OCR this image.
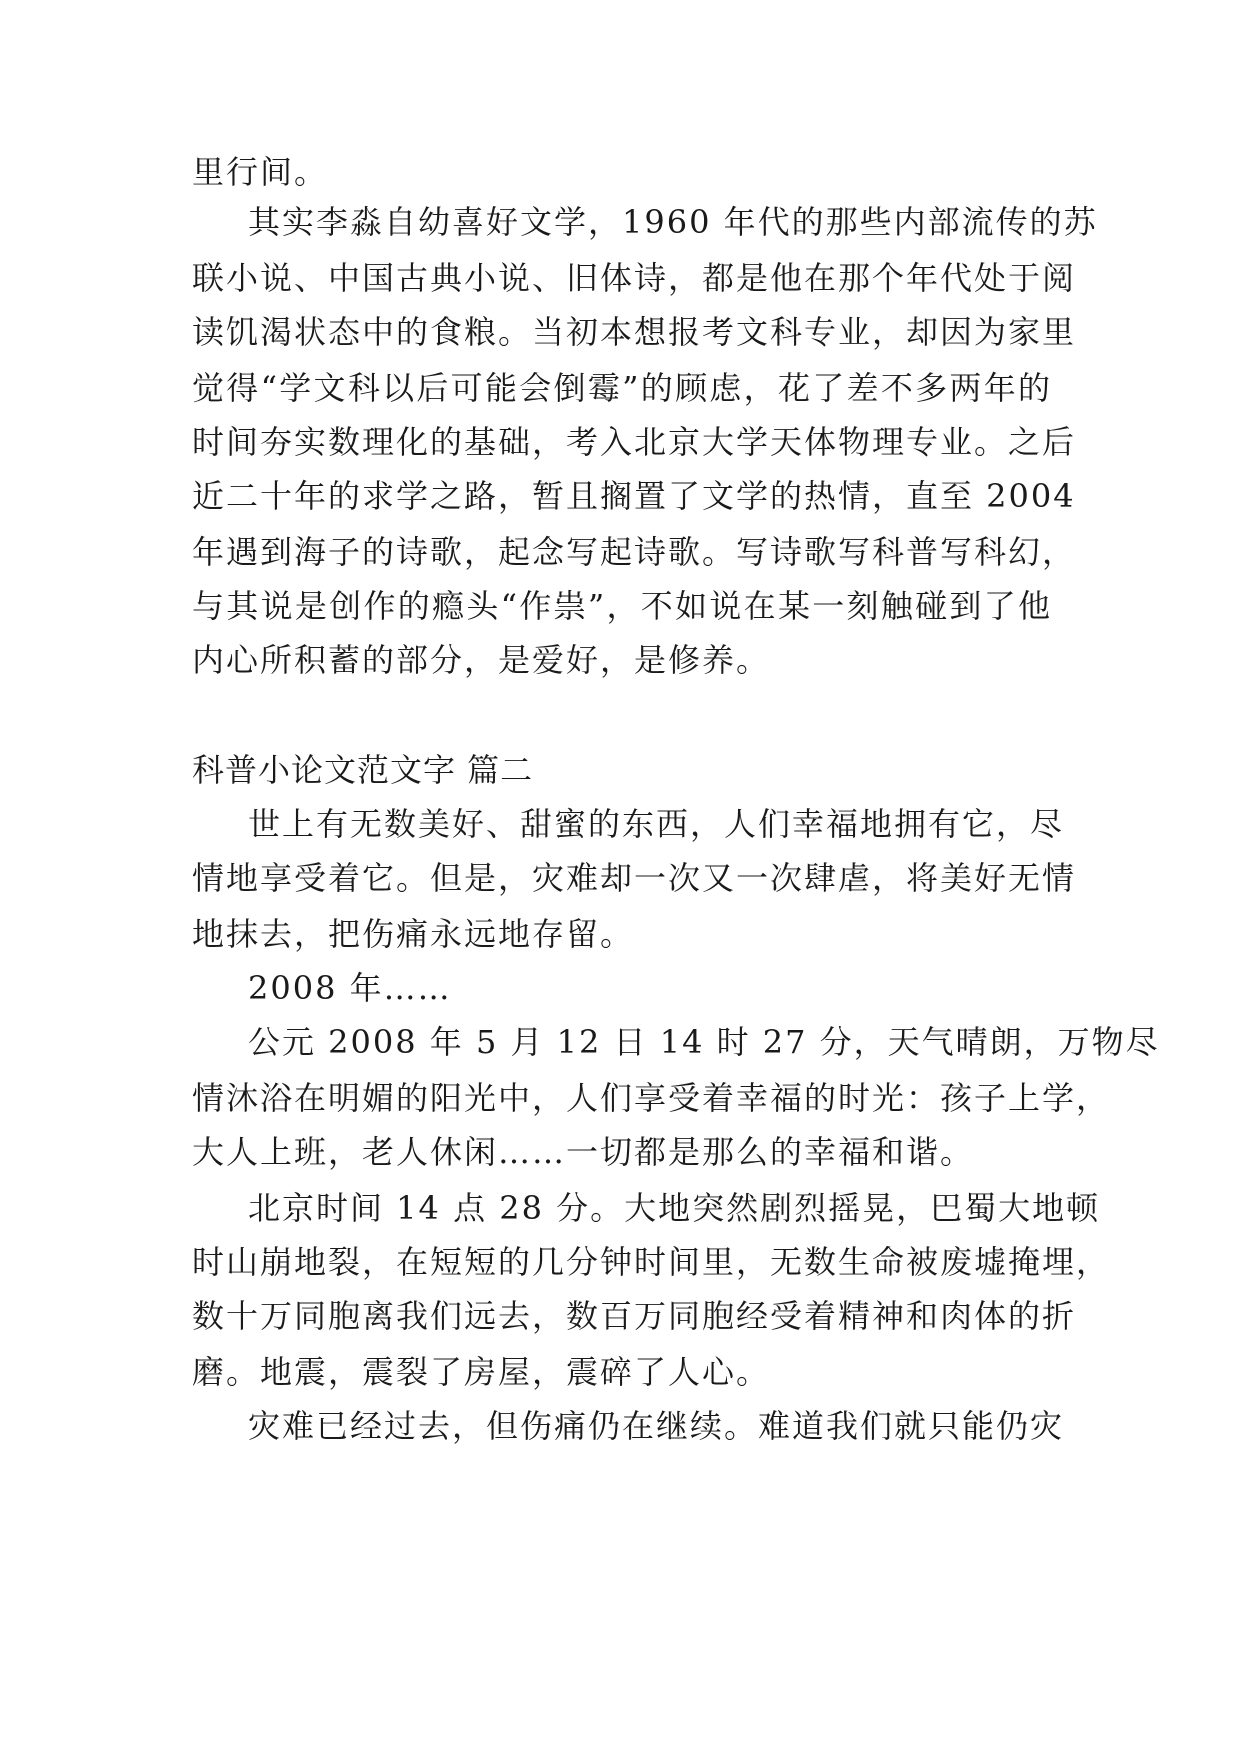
里行间。
其实李淼自幼喜好文学，1960 年代的那些内部流传的苏
联小说、中国古典小说、旧体诗，都是他在那个年代处于阅
读饥渴状态中的食粮。当初本想报考文科专业，却因为家里
觉得“学文科以后可能会倒霉”的顾虑，花了差不多两年的
时间夯实数理化的基础，考入北京大学天体物理专业。之后
近二十年的求学之路，暂且搁置了文学的热情，直至 2004
年遇到海子的诗歌，起念写起诗歌。写诗歌写科普写科幻，
与其说是创作的瘾头“作祟”，不如说在某一刻触碰到了他
内心所积蓄的部分，是爱好，是修养。
科普小论文范文字 篇二
世上有无数美好、甜蜜的东西，人们幸福地拥有它，尽
情地享受着它。但是，灾难却一次又一次肆虐，将美好无情
地抹去，把伤痛永远地存留。
2008 年……
公元 2008 年 5 月 12 日 14 时 27 分，天气晴朗，万物尽
情沐浴在明媚的阳光中，人们享受着幸福的时光：孩子上学，
大人上班，老人休闲……一切都是那么的幸福和谐。
北京时间 14 点 28 分。大地突然剧烈摇晃，巴蜀大地顿
时山崩地裂，在短短的几分钟时间里，无数生命被废墟掩埋，
数十万同胞离我们远去，数百万同胞经受着精神和肉体的折
磨。地震，震裂了房屋，震碎了人心。
灾难已经过去，但伤痛仍在继续。难道我们就只能仍灾
